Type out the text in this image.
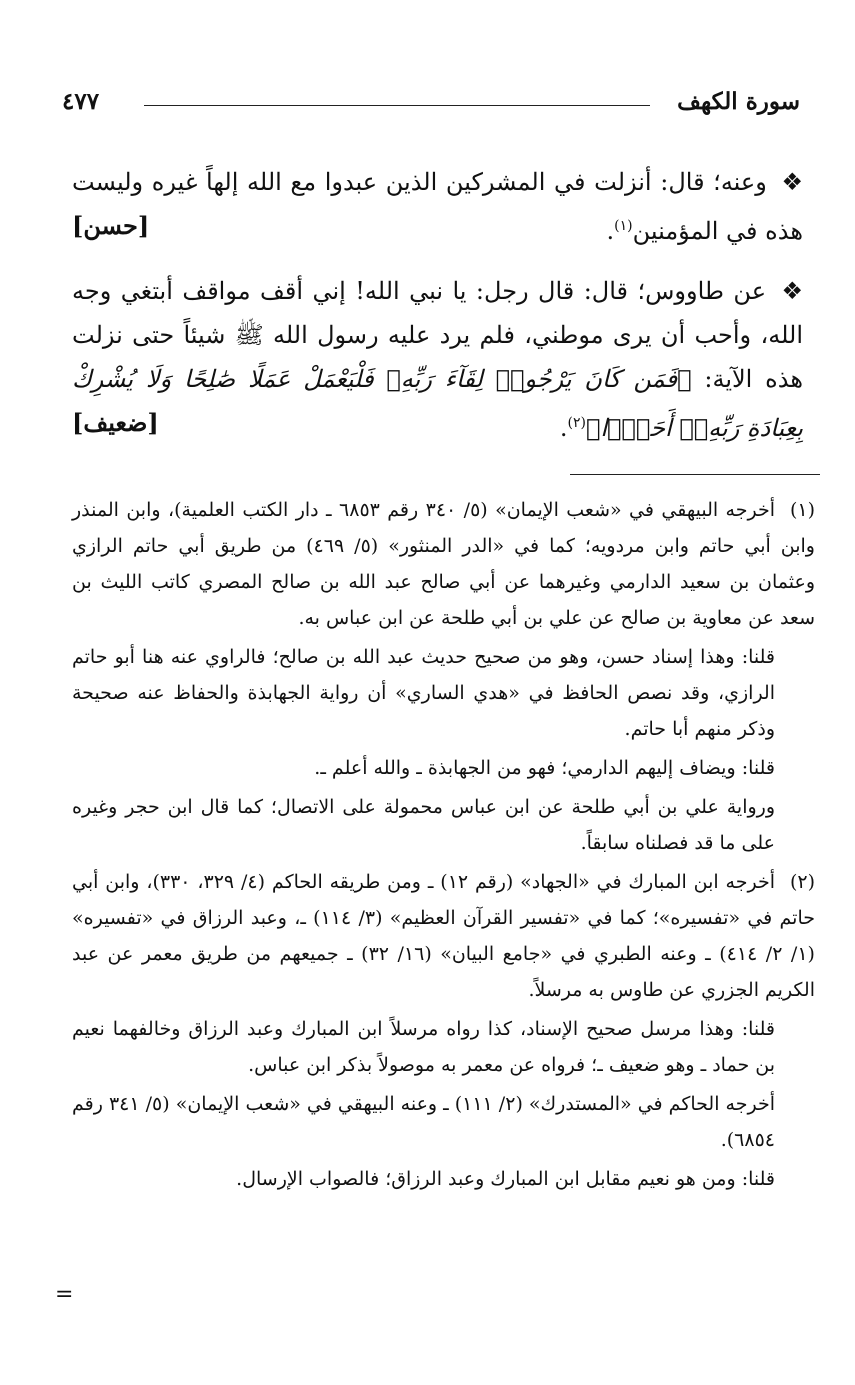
سورة الكهف
٤٧٧

❖ وعنه؛ قال: أنزلت في المشركين الذين عبدوا مع الله إلهاً غيره وليست هذه في المؤمنين$^{(١)}$.
[حسن]

❖ عن طاووس؛ قال: قال رجل: يا نبي الله! إني أقف مواقف أبتغي وجه الله، وأحب أن يرى موطني، فلم يرد عليه رسول الله ﷺ شيئاً حتى نزلت هذه الآية: ﴿فَمَن كَانَ يَرْجُوا۟ لِقَآءَ رَبِّهِۦ فَلْيَعْمَلْ عَمَلًا صَٰلِحًا وَلَا يُشْرِكْ بِعِبَادَةِ رَبِّهِۦٓ أَحَدًۢا﴾$^{(٢)}$.
[ضعيف]

(١)أخرجه البيهقي في «شعب الإيمان» (٥/ ٣٤٠ رقم ٦٨٥٣ ـ دار الكتب العلمية)، وابن المنذر وابن أبي حاتم وابن مردويه؛ كما في «الدر المنثور» (٥/ ٤٦٩) من طريق أبي حاتم الرازي وعثمان بن سعيد الدارمي وغيرهما عن أبي صالح عبد الله بن صالح المصري كاتب الليث بن سعد عن معاوية بن صالح عن علي بن أبي طلحة عن ابن عباس به.
قلنا: وهذا إسناد حسن، وهو من صحيح حديث عبد الله بن صالح؛ فالراوي عنه هنا أبو حاتم الرازي، وقد نصص الحافظ في «هدي الساري» أن رواية الجهابذة والحفاظ عنه صحيحة وذكر منهم أبا حاتم.
قلنا: ويضاف إليهم الدارمي؛ فهو من الجهابذة ـ والله أعلم ـ.
ورواية علي بن أبي طلحة عن ابن عباس محمولة على الاتصال؛ كما قال ابن حجر وغيره على ما قد فصلناه سابقاً.
(٢)أخرجه ابن المبارك في «الجهاد» (رقم ١٢) ـ ومن طريقه الحاكم (٤/ ٣٢٩، ٣٣٠)، وابن أبي حاتم في «تفسيره»؛ كما في «تفسير القرآن العظيم» (٣/ ١١٤) ـ، وعبد الرزاق في «تفسيره» (١/ ٢/ ٤١٤) ـ وعنه الطبري في «جامع البيان» (١٦/ ٣٢) ـ جميعهم من طريق معمر عن عبد الكريم الجزري عن طاوس به مرسلاً.
قلنا: وهذا مرسل صحيح الإسناد، كذا رواه مرسلاً ابن المبارك وعبد الرزاق وخالفهما نعيم بن حماد ـ وهو ضعيف ـ؛ فرواه عن معمر به موصولاً بذكر ابن عباس.
أخرجه الحاكم في «المستدرك» (٢/ ١١١) ـ وعنه البيهقي في «شعب الإيمان» (٥/ ٣٤١ رقم ٦٨٥٤).
قلنا: ومن هو نعيم مقابل ابن المبارك وعبد الرزاق؛ فالصواب الإرسال.
=
